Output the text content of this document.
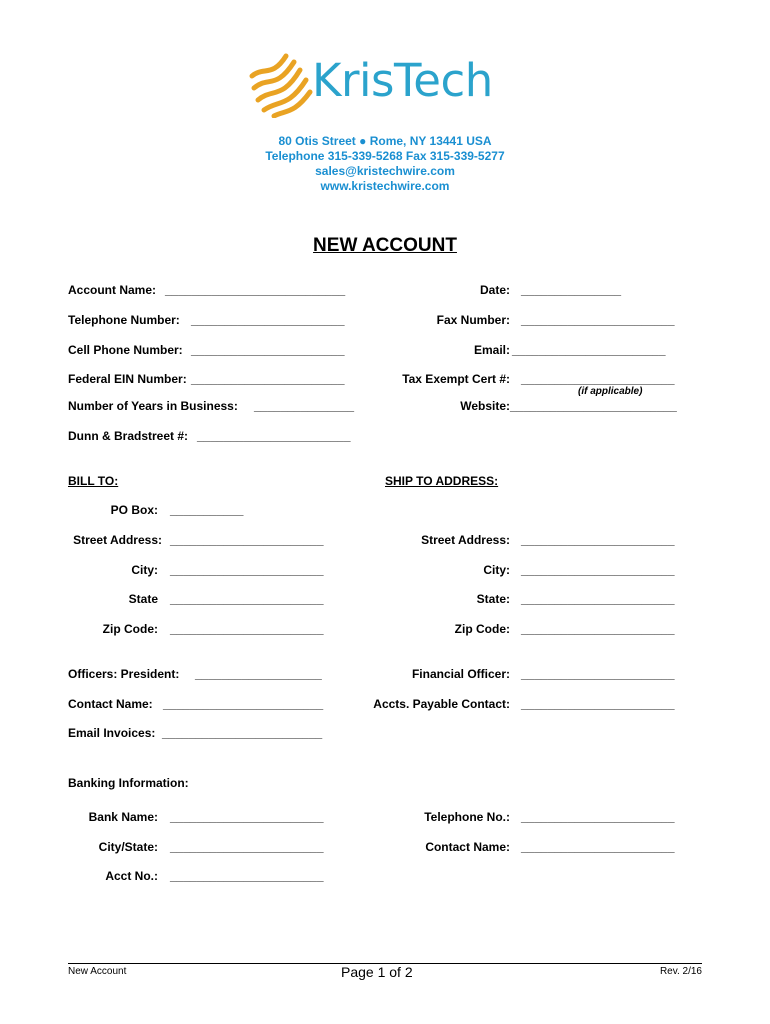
KrisTech
80 Otis Street ● Rome, NY 13441 USA
Telephone 315-339-5268 Fax 315-339-5277
sales@kristechwire.com
www.kristechwire.com
NEW ACCOUNT
Account Name: ___________________________	Date: _______________
Telephone Number: _______________________	Fax Number: _______________________
Cell Phone Number: _______________________	Email: _______________________
Federal EIN Number: _______________________	Tax Exempt Cert #: _______________________
(if applicable)
Number of Years in Business: _______________	Website: _________________________
Dunn & Bradstreet #: _______________________
BILL TO:	SHIP TO ADDRESS:
PO Box: ___________
Street Address: _______________________	Street Address: _______________________
City: _______________________	City: _______________________
State _______________________	State: _______________________
Zip Code: _______________________	Zip Code: _______________________
Officers: President: ___________________	Financial Officer: _______________________
Contact Name: ________________________	Accts. Payable Contact: _______________________
Email Invoices: ________________________
Banking Information:
Bank Name: _______________________	Telephone No.: _______________________
City/State: _______________________	Contact Name: _______________________
Acct No.: _______________________
New Account	Page 1 of 2	Rev. 2/16
